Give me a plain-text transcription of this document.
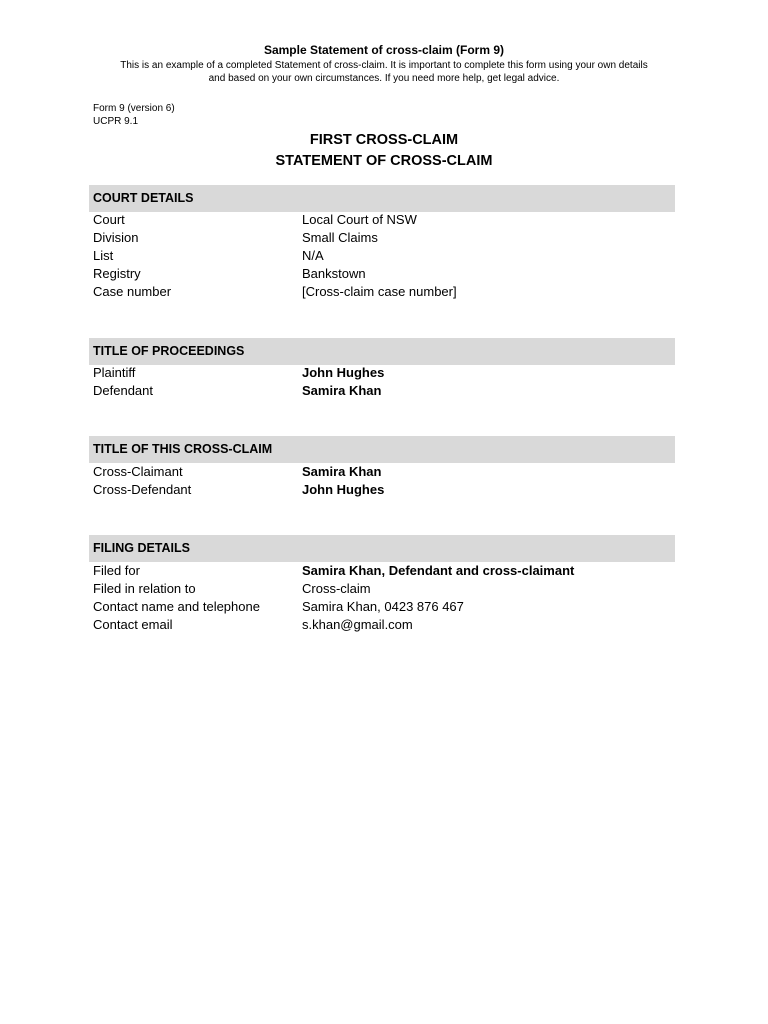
Sample Statement of cross-claim (Form 9)
This is an example of a completed Statement of cross-claim. It is important to complete this form using your own details
and based on your own circumstances. If you need more help, get legal advice.
Form 9 (version 6)
UCPR 9.1
FIRST CROSS-CLAIM
STATEMENT OF CROSS-CLAIM
COURT DETAILS
Court	Local Court of NSW
Division	Small Claims
List	N/A
Registry	Bankstown
Case number	[Cross-claim case number]
TITLE OF PROCEEDINGS
Plaintiff	John Hughes
Defendant	Samira Khan
TITLE OF THIS CROSS-CLAIM
Cross-Claimant	Samira Khan
Cross-Defendant	John Hughes
FILING DETAILS
Filed for	Samira Khan, Defendant and cross-claimant
Filed in relation to	Cross-claim
Contact name and telephone	Samira Khan, 0423 876 467
Contact email	s.khan@gmail.com
